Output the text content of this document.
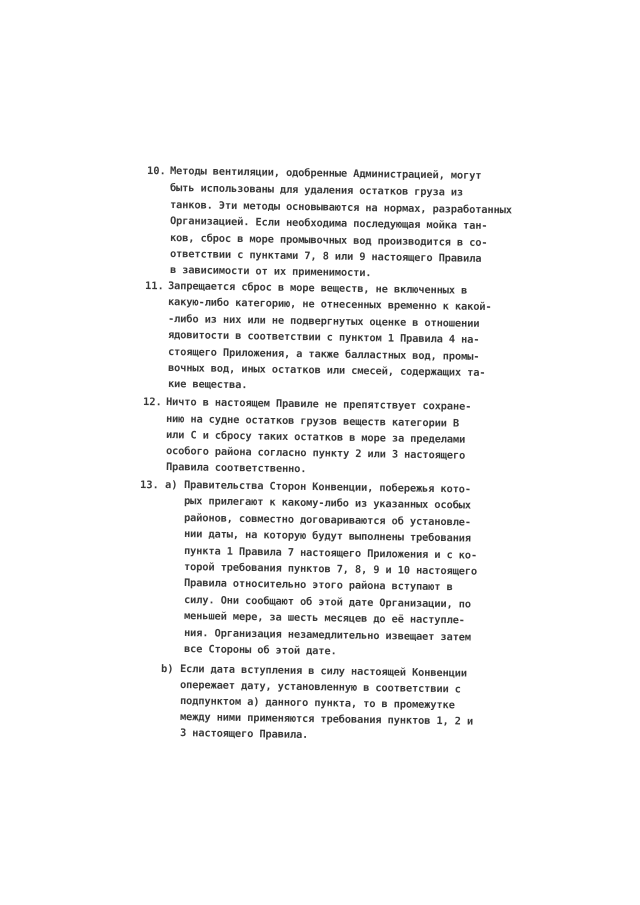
10. Методы вентиляции, одобренные Администрацией, могут
быть использованы для удаления остатков груза из
танков. Эти методы основываются на нормах, разработанных
Организацией. Если необходима последующая мойка тан-
ков, сброс в море промывочных вод производится в со-
ответствии с пунктами 7, 8 или 9 настоящего Правила
в зависимости от их применимости.
11. Запрещается сброс в море веществ, не включенных в
какую-либо категорию, не отнесенных временно к какой-
-либо из них или не подвергнутых оценке в отношении
ядовитости в соответствии с пунктом 1 Правила 4 на-
стоящего Приложения, а также балластных вод, промы-
вочных вод, иных остатков или смесей, содержащих та-
кие вещества.
12. Ничто в настоящем Правиле не препятствует сохране-
нию на судне остатков грузов веществ категории B
или C и сбросу таких остатков в море за пределами
особого района согласно пункту 2 или 3 настоящего
Правила соответственно.
13. a) Правительства Сторон Конвенции, побережья кото-
рых прилегают к какому-либо из указанных особых
районов, совместно договариваются об установле-
нии даты, на которую будут выполнены требования
пункта 1 Правила 7 настоящего Приложения и с ко-
торой требования пунктов 7, 8, 9 и 10 настоящего
Правила относительно этого района вступают в
силу. Они сообщают об этой дате Организации, по
меньшей мере, за шесть месяцев до её наступле-
ния. Организация незамедлительно извещает затем
все Стороны об этой дате.
b) Если дата вступления в силу настоящей Конвенции
опережает дату, установленную в соответствии с
подпунктом a) данного пункта, то в промежутке
между ними применяются требования пунктов 1, 2 и
3 настоящего Правила.
